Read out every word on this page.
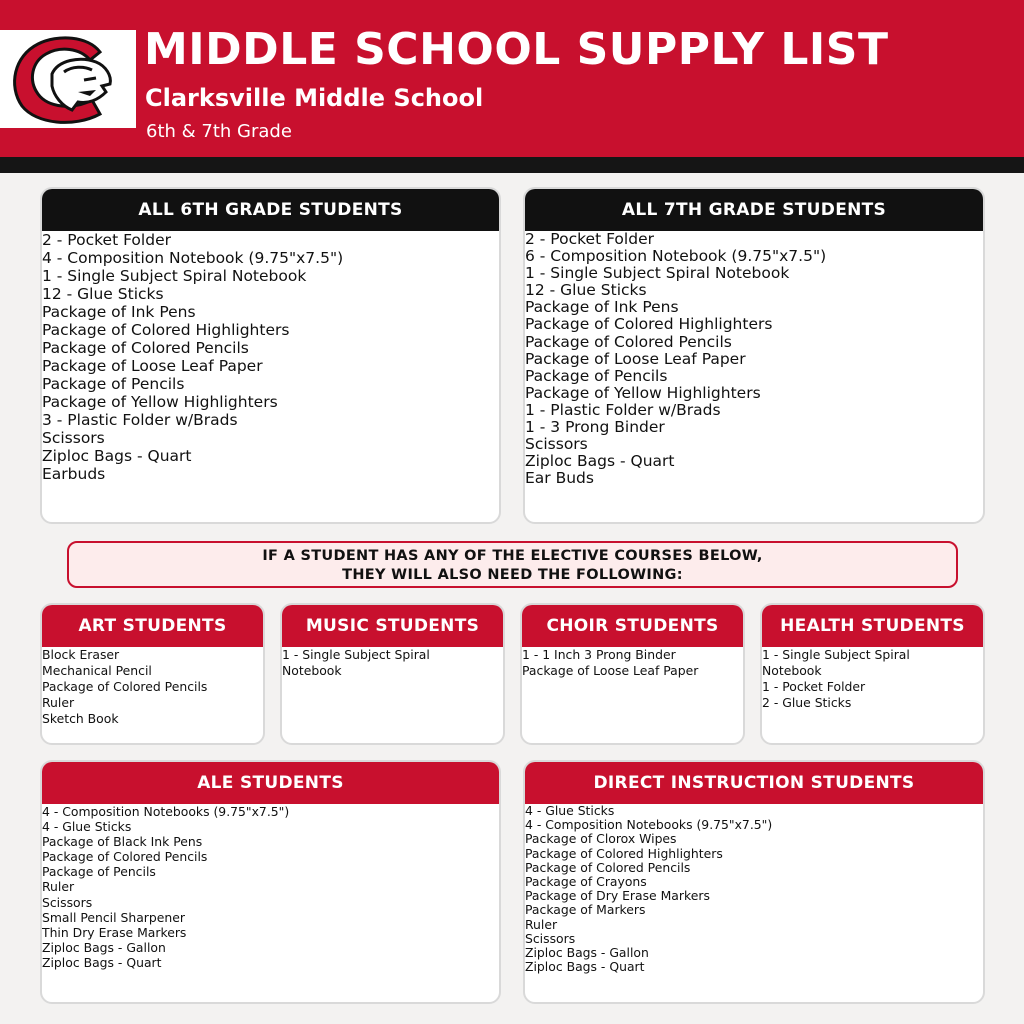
MIDDLE SCHOOL SUPPLY LIST
Clarksville Middle School

6th & 7th Grade

ALL 6TH GRADE STUDENTS
2 - Pocket Folder
4 - Composition Notebook (9.75"x7.5")
1 - Single Subject Spiral Notebook
12 - Glue Sticks
Package of Ink Pens
Package of Colored Highlighters
Package of Colored Pencils
Package of Loose Leaf Paper
Package of Pencils
Package of Yellow Highlighters
3 - Plastic Folder w/Brads
Scissors
Ziploc Bags - Quart
Earbuds
ALL 7TH GRADE STUDENTS
2 - Pocket Folder
6 - Composition Notebook (9.75"x7.5")
1 - Single Subject Spiral Notebook
12 - Glue Sticks
Package of Ink Pens
Package of Colored Highlighters
Package of Colored Pencils
Package of Loose Leaf Paper
Package of Pencils
Package of Yellow Highlighters
1 - Plastic Folder w/Brads
1 - 3 Prong Binder
Scissors
Ziploc Bags - Quart
Ear Buds
IF A STUDENT HAS ANY OF THE ELECTIVE COURSES BELOW,
THEY WILL ALSO NEED THE FOLLOWING:
ART STUDENTS
Block Eraser
Mechanical Pencil
Package of Colored Pencils
Ruler
Sketch Book
MUSIC STUDENTS
1 - Single Subject Spiral Notebook
CHOIR STUDENTS
1 - 1 Inch 3 Prong Binder
Package of Loose Leaf Paper
HEALTH STUDENTS
1 - Single Subject Spiral Notebook
1 - Pocket Folder
2 - Glue Sticks
ALE STUDENTS
4 - Composition Notebooks (9.75"x7.5")
4 - Glue Sticks
Package of Black Ink Pens
Package of Colored Pencils
Package of Pencils
Ruler
Scissors
Small Pencil Sharpener
Thin Dry Erase Markers
Ziploc Bags - Gallon
Ziploc Bags - Quart
DIRECT INSTRUCTION STUDENTS
4 - Glue Sticks
4 - Composition Notebooks (9.75"x7.5")
Package of Clorox Wipes
Package of Colored Highlighters
Package of Colored Pencils
Package of Crayons
Package of Dry Erase Markers
Package of Markers
Ruler
Scissors
Ziploc Bags - Gallon
Ziploc Bags - Quart
